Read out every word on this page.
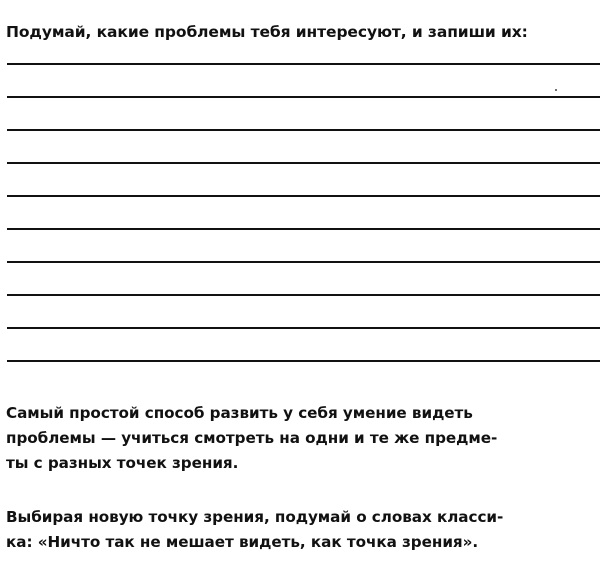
Подумай, какие проблемы тебя интересуют, и запиши их:
Самый простой способ развить у себя умение видеть
проблемы — учиться смотреть на одни и те же предме-
ты с разных точек зрения.
Выбирая новую точку зрения, подумай о словах класси-
ка: «Ничто так не мешает видеть, как точка зрения».
